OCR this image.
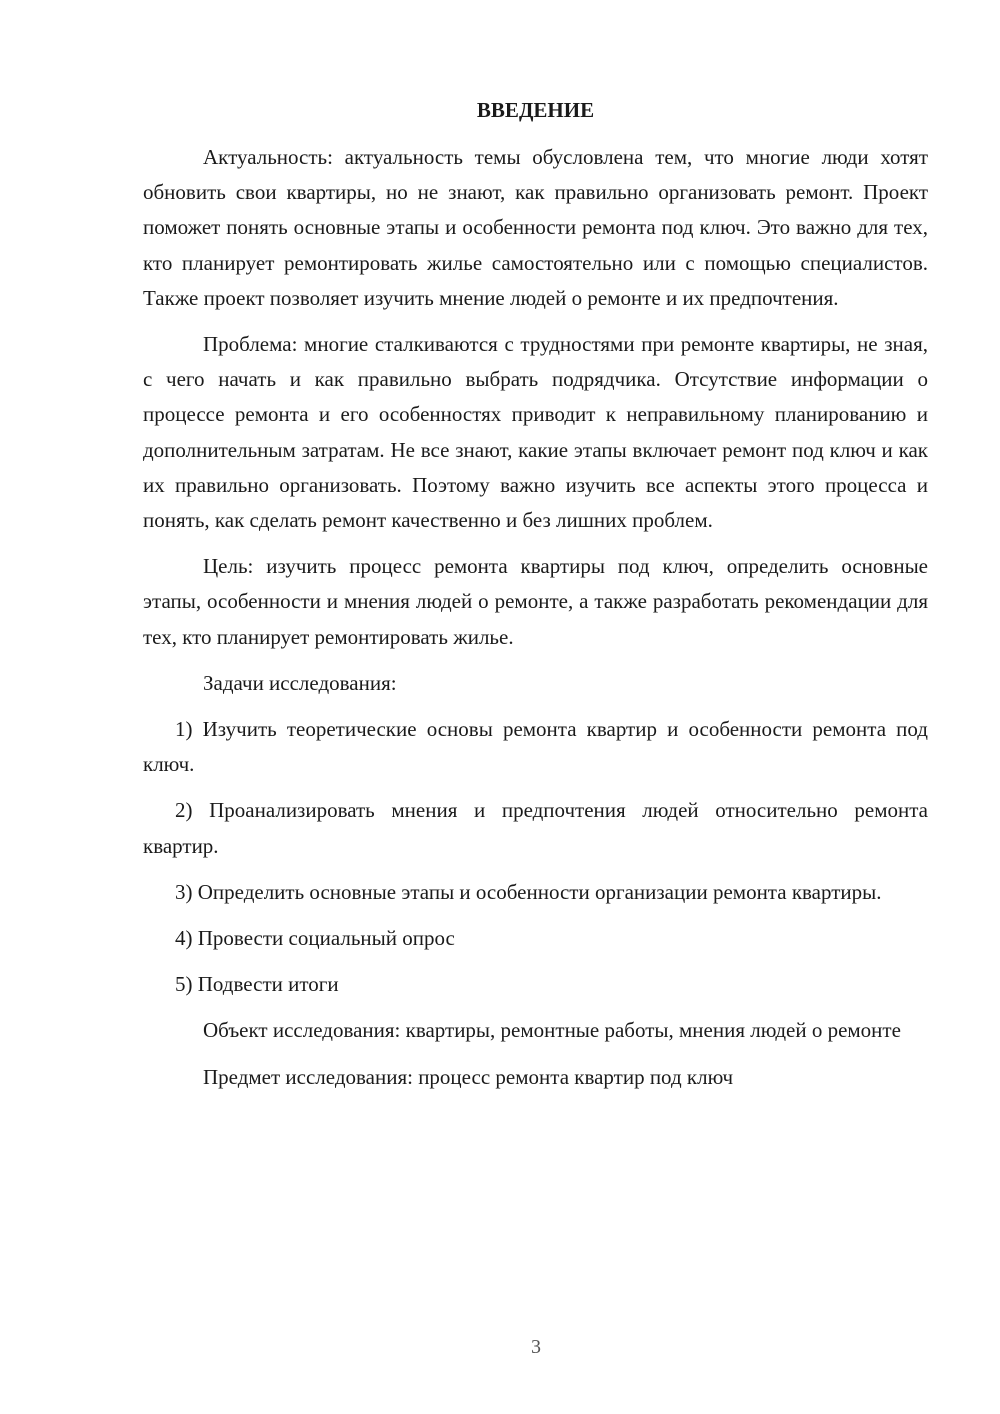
ВВЕДЕНИЕ

Актуальность: актуальность темы обусловлена тем, что многие люди хотят обновить свои квартиры, но не знают, как правильно организовать ремонт. Проект поможет понять основные этапы и особенности ремонта под ключ. Это важно для тех, кто планирует ремонтировать жилье самостоятельно или с помощью специалистов. Также проект позволяет изучить мнение людей о ремонте и их предпочтения.

Проблема: многие сталкиваются с трудностями при ремонте квартиры, не зная, с чего начать и как правильно выбрать подрядчика. Отсутствие информации о процессе ремонта и его особенностях приводит к неправильному планированию и дополнительным затратам. Не все знают, какие этапы включает ремонт под ключ и как их правильно организовать. Поэтому важно изучить все аспекты этого процесса и понять, как сделать ремонт качественно и без лишних проблем.

Цель: изучить процесс ремонта квартиры под ключ, определить основные этапы, особенности и мнения людей о ремонте, а также разработать рекомендации для тех, кто планирует ремонтировать жилье.

Задачи исследования:

1) Изучить теоретические основы ремонта квартир и особенности ремонта под ключ.

2) Проанализировать мнения и предпочтения людей относительно ремонта квартир.

3) Определить основные этапы и особенности организации ремонта квартиры.

4) Провести социальный опрос

5) Подвести итоги

Объект исследования: квартиры, ремонтные работы, мнения людей о ремонте

Предмет исследования: процесс ремонта квартир под ключ

3
